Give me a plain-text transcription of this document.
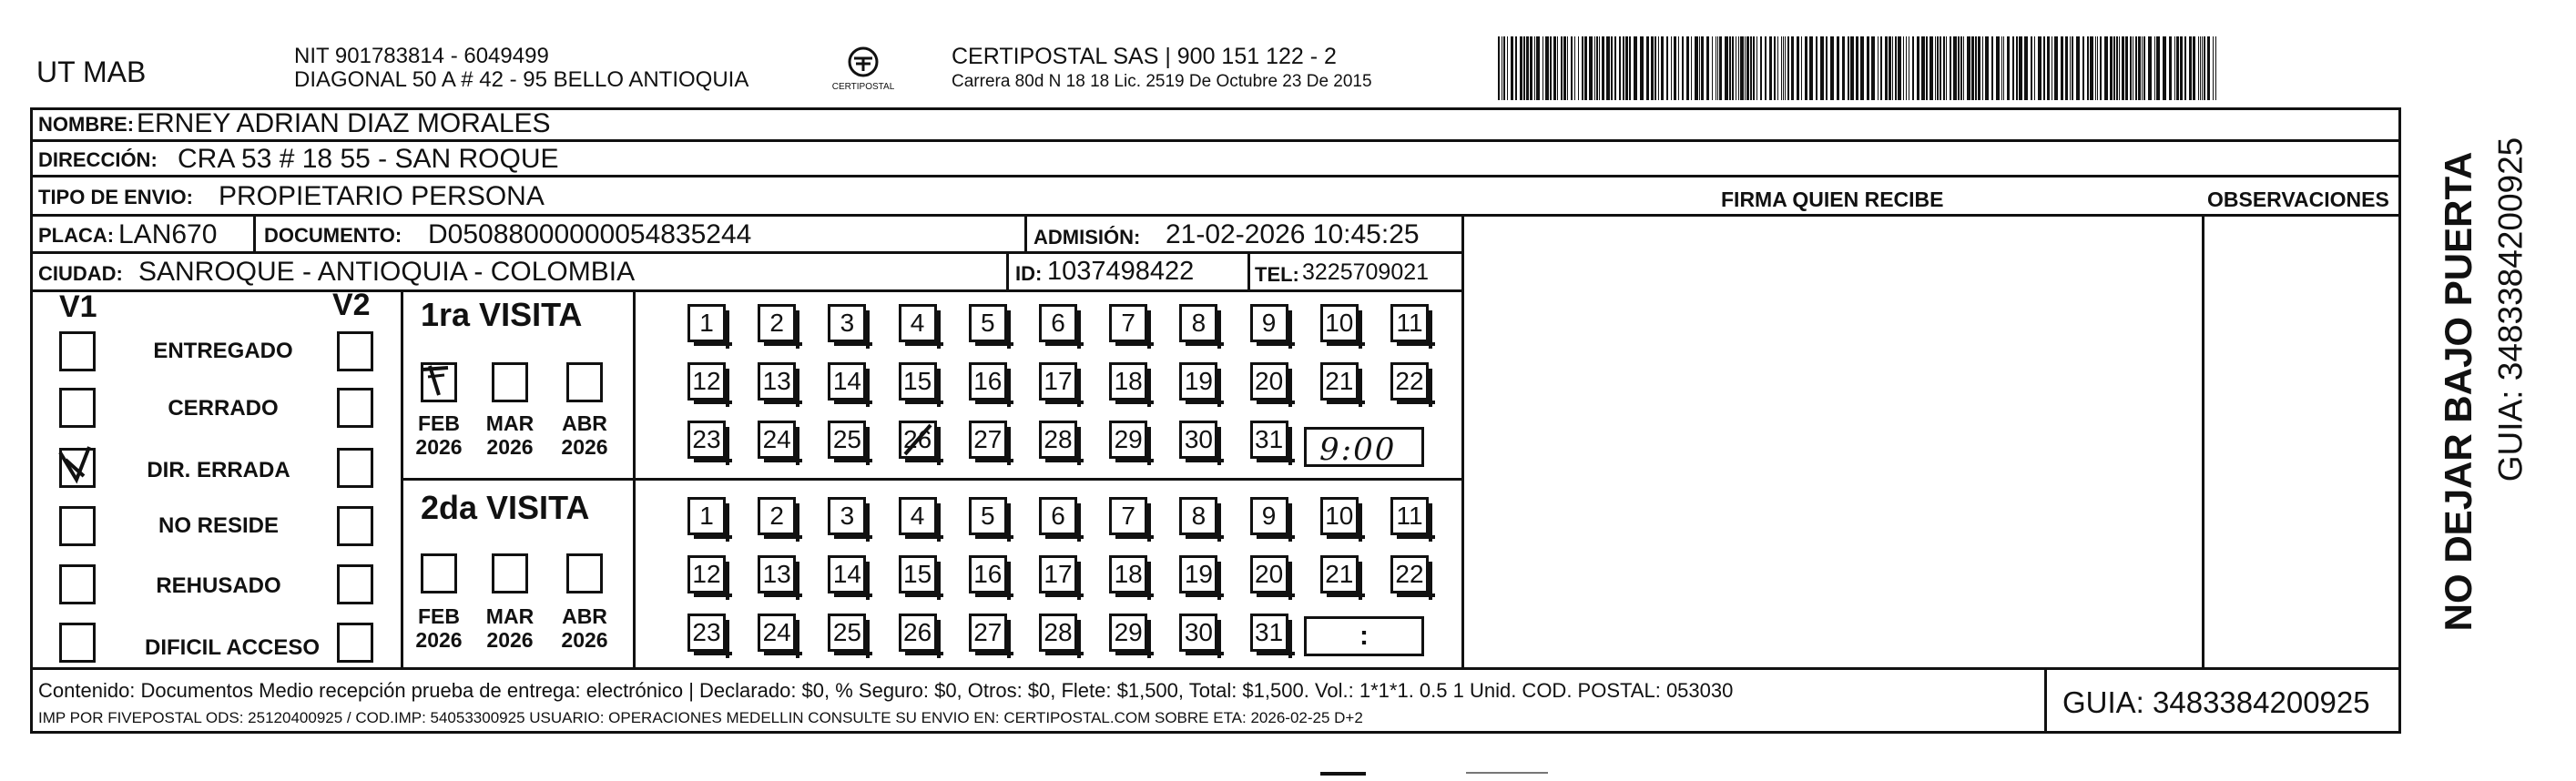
UT MAB	NIT 901783814 - 6049499
DIAGONAL 50 A # 42 - 95 BELLO ANTIOQUIA	CERTIPOSTAL
CERTIPOSTAL SAS | 900 151 122 - 2
Carrera 80d N 18 18 Lic. 2519 De Octubre 23 De 2015
NOMBRE: ERNEY ADRIAN DIAZ MORALES
DIRECCIÓN: CRA 53 # 18 55 - SAN ROQUE
TIPO DE ENVIO: PROPIETARIO PERSONA	FIRMA QUIEN RECIBE	OBSERVACIONES
PLACA: LAN670 DOCUMENTO: D05088000000054835244	ADMISIÓN: 21-02-2026 10:45:25
CIUDAD: SANROQUE - ANTIOQUIA - COLOMBIA	ID: 1037498422	TEL: 3225709021
V1	V2
ENTREGADO
CERRADO
DIR. ERRADA
NO RESIDE
REHUSADO
DIFICIL ACCESO
1ra VISITA
FEB
2026
MAR
2026
ABR
2026
1	2	3	4	5	6	7	8	9	10 11
12 13 14 15 16 17 18 19 20 21 22
23 24 25 26 27 28 29 30 31 9:00
2da VISITA
FEB
2026
MAR
2026
ABR
2026
1	2	3	4	5	6	7	8	9	10 11
12 13 14 15 16 17 18 19 20 21 22
23 24 25 26 27 28 29 30 31	:
Contenido: Documentos Medio recepción prueba de entrega: electrónico | Declarado: $0, % Seguro: $0, Otros: $0, Flete: $1,500, Total: $1,500. Vol.: 1*1*1. 0.5 1 Unid. COD. POSTAL: 053030
IMP POR FIVEPOSTAL ODS: 25120400925 / COD.IMP: 54053300925 USUARIO: OPERACIONES MEDELLIN CONSULTE SU ENVIO EN: CERTIPOSTAL.COM SOBRE ETA: 2026-02-25 D+2	GUIA: 3483384200925
NO DEJAR BAJO PUERTA GUIA: 3483384200925
